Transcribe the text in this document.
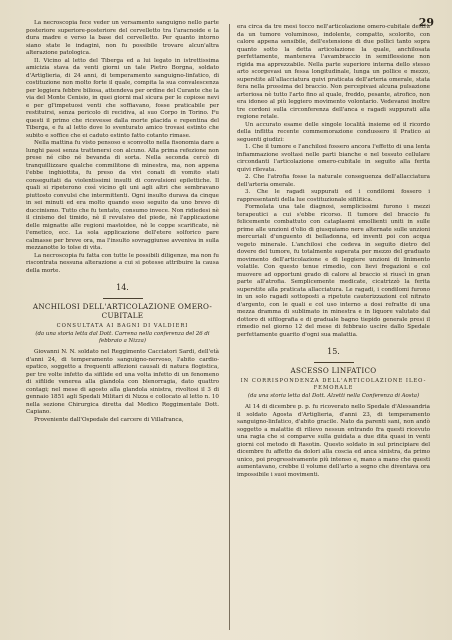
29

La necroscopia fece veder un versamento sanguigno nello parte posteriore superiore-posteriore del cervelletto tra l'aracnoide e la dura madre e verso la base del cervelletto. Per quanto intorno siano state le indagini, non fu possibile trovare alcun'altra alterazione patologica.

II. Vicino al letto del Tiberga ed a lui legato in istrettissima amicizia stava da venti giorni un tale Pietro Borgna, soldato d'Artiglieria, di 24 anni, di temperamento sanguigno-linfatico, di costituzione non molto forte il quale, compita la sua convalescenza per leggiera febbre biliosa, attendeva per ordine del Curante che la via del Monte Cenisio, in quei giorni mal sicura per le copiose nevi e per gl'impetuosi venti che soffiavano, fosse praticabile per restituirsi, senza pericolo di recidiva, al suo Corpo in Torino. Fu questi il primo che ricevesse dalla morte placida e repentina del Tiberga, e fu al letto dove lo sventurato amico trovasi estinto che subito e soffice che ei caduto estinto fatto cotanto rimase.

Nella mattina fu visto pensoso e sconvolto nella fisonomia dare a lunghi passi senza trattenersi con alcuno. Alla prima refezione non prese né cibo né bevanda di sorta. Nella seconda cercò di tranquillizzare qualche commilitone di minestra, ma, non appena l'ebbe inghiottita, fu preso da vivi conati di vomito stati conseguitati da violentissimi insulti di convulsioni epilettiche. Il quali si ripeterono così vicino gli uni agli altri che sembravano piuttosto convulsi che intermittenti. Ogni insulto durava da cinque in sei minuti ed era molto quando esso seguito da uno brevo di duccinismo. Tutto che fu tentato, consumo invece. Non ridiedesi nè il cinismo del timido, nè il revulsivo del piede, nè l'applicazione delle mignatte alle regioni mastoidee, nè le coppe scarificate, nè l'emetico, ecc. La sola applicazione dell'etere solforico pare calmasse per breve ora, ma l'insulto sovraggiunse avveniva in sulla mezzanotte lo tolse di vita.

La necroscopia fu fatta con tutte le possibili diligenze, ma non fu riscontrata nessuna alterazione a cui si potesse attribuire la causa della morte.

14.
ANCHILOSI DELL'ARTICOLAZIONE OMERO-CUBITALE
CONSULTATA AI BAGNI DI VALDIERI
(da una storia letta dal Dott. Carrena nella conferenza del 26 di febbraio a Nizza)

Giovanni N. N. soldato nel Reggimento Cacciatori Sardi, dell'età d'anni 24, di temperamento sanguigno-nervoso, l'abito cardio-epatico, soggetto a frequenti affezioni causali di natura flogistica, per tre volte infetto da sifilide ed una volta infetto di un fenomeno di sifilide venerea alla glandola con blenorragia, dato quattro contagi; nel mese di agosto alla glandola sinistra, rivoltosi il 3 di gennaio 1851 agli Spedali Militari di Nizza e collocato al letto n. 10 nella sezione Chirurgica diretta dal Medico Reggimentale Dott. Capiano.

Proveniente dall'Ospedale del carcere di Villafranca,

era circa da tre mesi tocco nell'articolazione omero-cubitale destra da un tumore voluminoso, indolente, compatto, scolorito, con calore appena sensibile, dell'estensione di due pollici tanto sopra quanto sotto la detta articolazione la quale, anchilosata perfettamente, manteneva l'avambraccio in semiflessione non rigida ma apprezzabile. Nella parte superiore interna dello stesso arto scorgevasi un fessa longitudinale, lunga un pollice e mezzo, superstite all'allacciatura quivi praticata dell'arteria omerale, stata fera nella prossima del braccio. Non percepivasi alcuna pulsazione arteriosa nè tutto l'arto fino al quale, freddo, pesante, atrofico, non era idoneo al più leggiero movimento volontario. Vedevansi inoltre tre cordoni sulla circonferenza dell'anca e ragadi suppurati alla regione retale.

Un accurato esame delle singole località insieme ed il ricordo della inflitta recente commemorazione condussero il Pratico ai seguenti giudizi:

1. Che il tumore e l'anchilosi fossero ancora l'effetto di una lenta infiammazione svoltasi nelle parti bianche e nel tessuto cellulare circondanti l'articolazione omero-cubitale in seguito alla ferita quivi rilevata.

2. Che l'atrofia fosse la naturale conseguenza dell'allacciatura dell'arteria omerale.

3. Che le ragadi suppurati ed i condilomi fossero i rappresentanti della lue costituzionale sifilitica.

Formolata una tale diagnosi, semplicissimi furono i mezzi terapeutici a cui s'ebbe ricorso. Il tumore del braccio fu felicemente combattuto con cataplasmi emollienti uniti in sulle prime alle unzioni d'olio di giusquiamo nere alternate sulle unzioni mercuriali d'unguento di belladonna, ed inventi poi con acqua vegeto minerale. L'anchilosi che cedeva in seguito dietro del dovere del tumore, fu totalmente superata per mezzo del graduato movimento dell'articolazione e di leggiere unzioni di linimento volatile. Con questo tenue rimedio, con lievi fregazioni e col muovere ad opportuni grado di calore al braccio si riuscì in gran parte all'atrofia. Semplicemente medicate, cicatrizzò la ferita superstite alla praticata allacciatura. Le ragadi, i condilomi furono in un solo ragadi sottoposti a ripetute cauterizzazioni col nitrato d'argento, con le quali e col uso interno a dosi refratte di una mezza dramma di sublimato in minestra e in liquore valutato dal dottoro di sifilografia e di graduale bagno tiepido generale presi il rimedio nel giorno 12 del mese di febbraio uscire dallo Spedale perfettamente guarito d'ogni sua malattia.

15.
ASCESSO LINFATICO
IN CORRISPONDENZA DELL'ARTICOLAZIONE ILEO-FEMORALE
(da una storia letta dal Dott. Alzetti nella Conferenza di Aosta)

Al 14 di dicembre p. p. fu ricoverato nello Spedale d'Alessandria il soldato Agosta d'Artiglieria, d'anni 23, di temperamento sanguigno-linfatico, d'abito gracile. Nato da parenti sani, non andò soggetto a malattie di rilievo nessun entrando fra questi ricevuto una ragia che si comparve sulla guidata a due dita quasi in venti giorni col metodo di Rasotin. Questo soldato in sul principiare del dicembre fu affetto da dolori alla coscia ed anca sinistra, da primo unico, poi progressivamente più intenso e, mano a mano che questi aumentavano, crebbe il volume dell'arto a segno che diventava ora impossibile i suoi movimenti.
